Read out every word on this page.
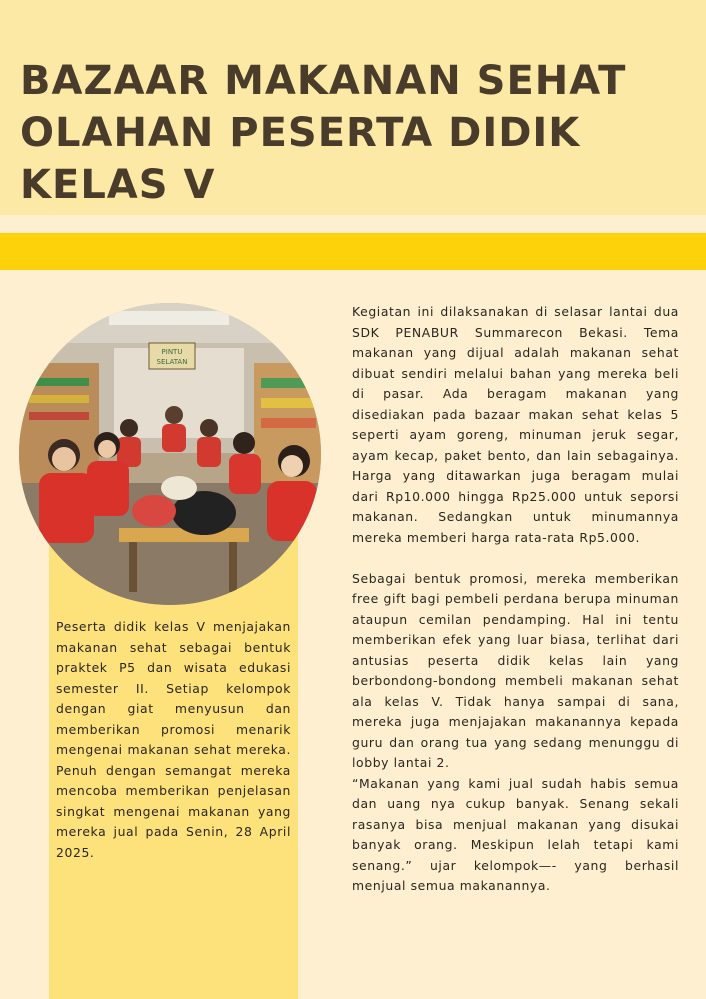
BAZAAR MAKANAN SEHAT
OLAHAN PESERTA DIDIK
KELAS V
PINTU
SELATAN

Peserta didik kelas V menjajakan makanan sehat sebagai bentuk praktek P5 dan wisata edukasi semester II. Setiap kelompok dengan giat menyusun dan memberikan promosi menarik mengenai makanan sehat mereka. Penuh dengan semangat mereka mencoba memberikan penjelasan singkat mengenai makanan yang mereka jual pada Senin, 28 April 2025.

Kegiatan ini dilaksanakan di selasar lantai dua SDK PENABUR Summarecon Bekasi. Tema makanan yang dijual adalah makanan sehat dibuat sendiri melalui bahan yang mereka beli di pasar. Ada beragam makanan yang disediakan pada bazaar makan sehat kelas 5 seperti ayam goreng, minuman jeruk segar, ayam kecap, paket bento, dan lain sebagainya. Harga yang ditawarkan juga beragam mulai dari Rp10.000 hingga Rp25.000 untuk seporsi makanan. Sedangkan untuk minumannya mereka memberi harga rata-rata Rp5.000.

Sebagai bentuk promosi, mereka memberikan free gift bagi pembeli perdana berupa minuman ataupun cemilan pendamping. Hal ini tentu memberikan efek yang luar biasa, terlihat dari antusias peserta didik kelas lain yang berbondong-bondong membeli makanan sehat ala kelas V. Tidak hanya sampai di sana, mereka juga menjajakan makanannya kepada guru dan orang tua yang sedang menunggu di lobby lantai 2.

“Makanan yang kami jual sudah habis semua dan uang nya cukup banyak. Senang sekali rasanya bisa menjual makanan yang disukai banyak orang. Meskipun lelah tetapi kami senang.” ujar kelompok—- yang berhasil menjual semua makanannya.
